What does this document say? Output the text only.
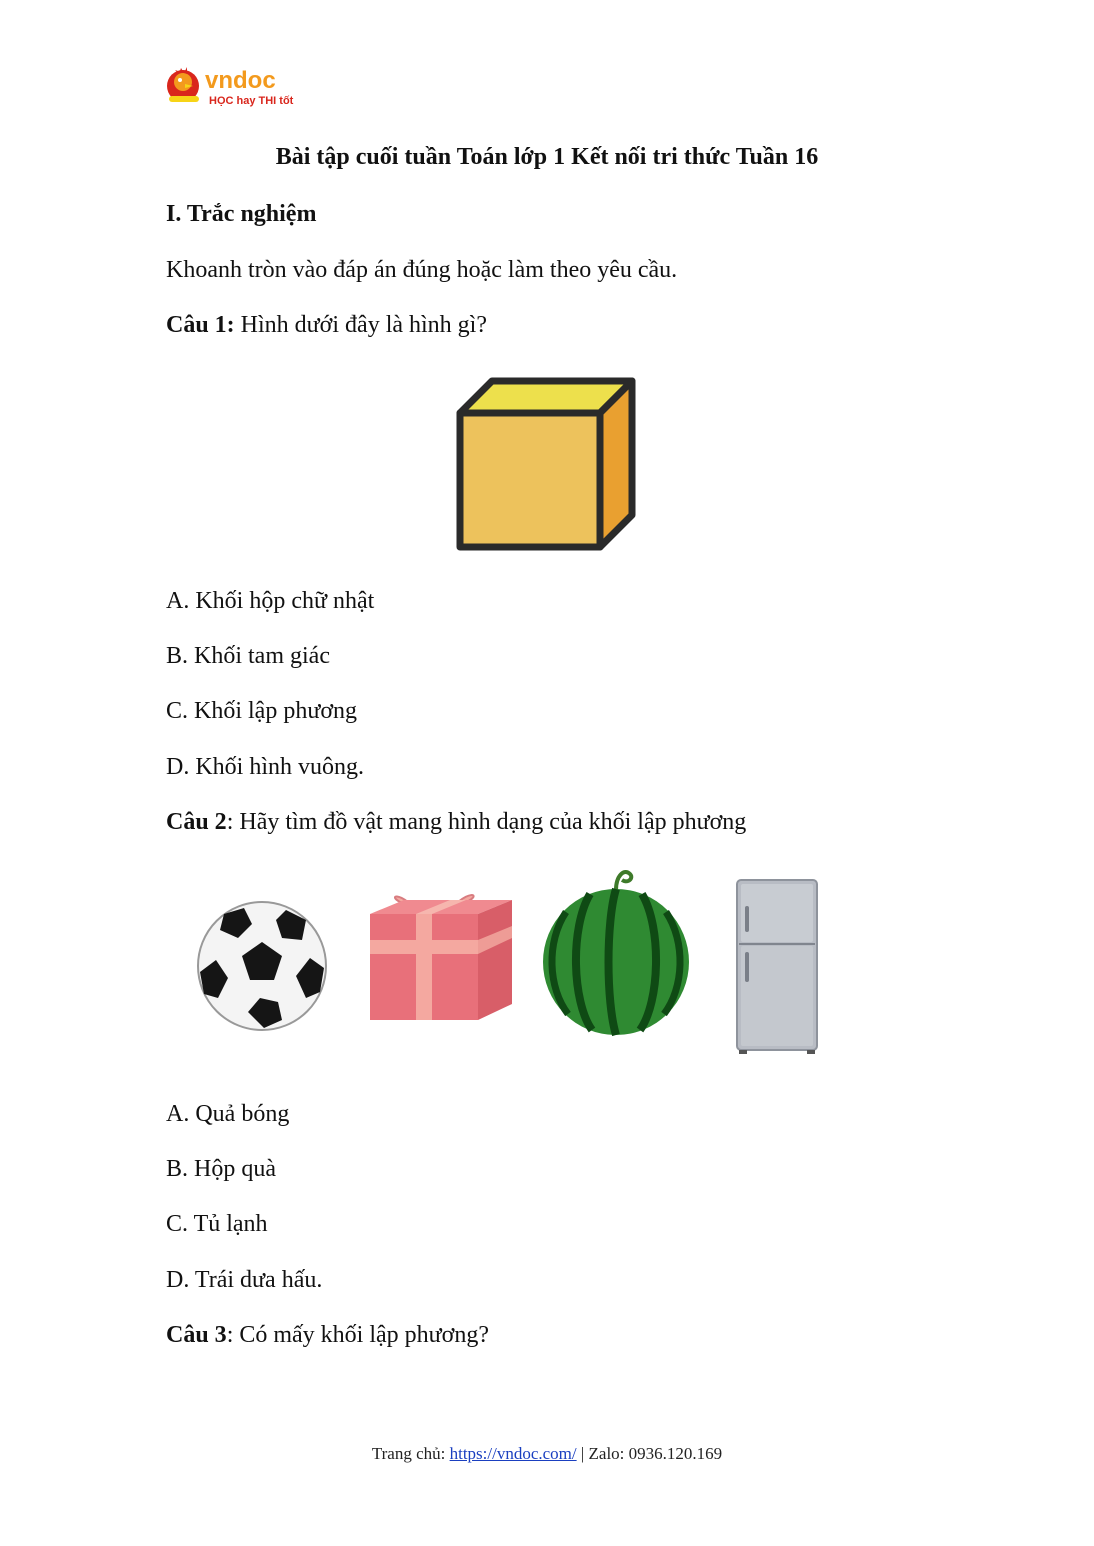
vndoc
HỌC hay THI tốt
Bài tập cuối tuần Toán lớp 1 Kết nối tri thức Tuần 16
I. Trắc nghiệm
Khoanh tròn vào đáp án đúng hoặc làm theo yêu cầu.
Câu 1: Hình dưới đây là hình gì?
A. Khối hộp chữ nhật
B. Khối tam giác
C. Khối lập phương
D. Khối hình vuông.
Câu 2: Hãy tìm đồ vật mang hình dạng của khối lập phương
A. Quả bóng
B. Hộp quà
C. Tủ lạnh
D. Trái dưa hấu.
Câu 3: Có mấy khối lập phương?
Trang chủ: https://vndoc.com/ | Zalo: 0936.120.169
